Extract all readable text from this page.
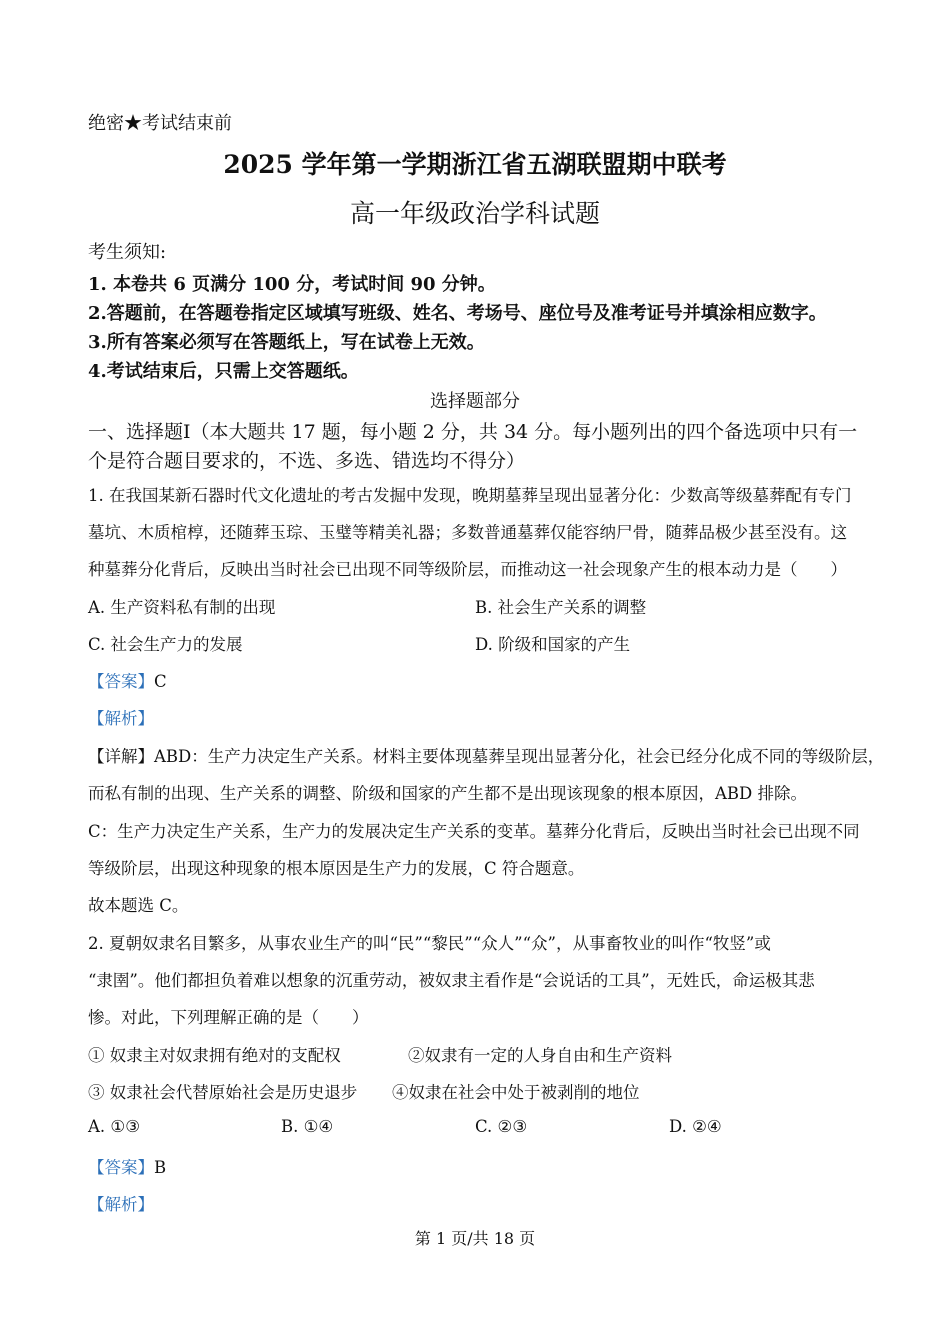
绝密★考试结束前
2025 学年第一学期浙江省五湖联盟期中联考
高一年级政治学科试题
考生须知:
1. 本卷共 6 页满分 100 分，考试时间 90 分钟。
2.答题前，在答题卷指定区域填写班级、姓名、考场号、座位号及准考证号并填涂相应数字。
3.所有答案必须写在答题纸上，写在试卷上无效。
4.考试结束后，只需上交答题纸。
选择题部分
一、选择题Ⅰ（本大题共 17 题，每小题 2 分，共 34 分。每小题列出的四个备选项中只有一
个是符合题目要求的，不选、多选、错选均不得分）
1. 在我国某新石器时代文化遗址的考古发掘中发现，晚期墓葬呈现出显著分化：少数高等级墓葬配有专门
墓坑、木质棺椁，还随葬玉琮、玉璧等精美礼器；多数普通墓葬仅能容纳尸骨，随葬品极少甚至没有。这
种墓葬分化背后，反映出当时社会已出现不同等级阶层，而推动这一社会现象产生的根本动力是（　　）
A. 生产资料私有制的出现	B. 社会生产关系的调整
C. 社会生产力的发展	D. 阶级和国家的产生
【答案】C
【解析】
【详解】ABD：生产力决定生产关系。材料主要体现墓葬呈现出显著分化，社会已经分化成不同的等级阶层，
而私有制的出现、生产关系的调整、阶级和国家的产生都不是出现该现象的根本原因，ABD 排除。
C：生产力决定生产关系，生产力的发展决定生产关系的变革。墓葬分化背后，反映出当时社会已出现不同
等级阶层，出现这种现象的根本原因是生产力的发展，C 符合题意。
故本题选 C。
2. 夏朝奴隶名目繁多，从事农业生产的叫“民”“黎民”“众人”“众”，从事畜牧业的叫作“牧竖”或
“隶圉”。他们都担负着难以想象的沉重劳动，被奴隶主看作是“会说话的工具”，无姓氏，命运极其悲
惨。对此，下列理解正确的是（　　）
① 奴隶主对奴隶拥有绝对的支配权	②奴隶有一定的人身自由和生产资料
③ 奴隶社会代替原始社会是历史退步 ④奴隶在社会中处于被剥削的地位
A. ①③	B. ①④	C. ②③	D. ②④
【答案】B
【解析】
第 1 页/共 18 页
